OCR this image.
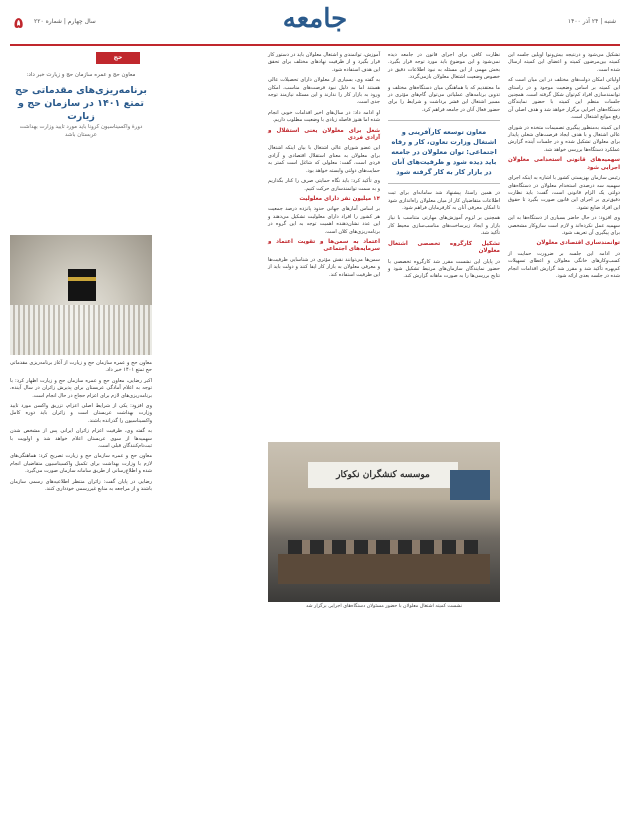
۵ سال چهارم | شماره ۲۲۰	جامعه	شنبه | ۲۴ آذر ۱۴۰۰

تشکیل می‌شود و درنتیجه بیش‌ونوا اوپلین جلسه این کمیته بین‌مرضون کمیته و اعضای این کمیته ارسال شده است.

اولیائی امکان دولت‌های مختلف در این میان است که این کمیته بر اساس وضعیت موجود و در راستای توانمندسازی افراد کم‌توان شکل گرفته است. همچنین جلسات منظم این کمیته با حضور نمایندگان دستگاه‌های اجرایی برگزار خواهد شد و هدف اصلی آن رفع موانع اشتغال است.

این کمیته به‌منظور پیگیری تصمیمات متخذه در شورای عالی اشتغال و با هدف ایجاد فرصت‌های شغلی پایدار برای معلولان تشکیل شده و در جلسات آینده گزارش عملکرد دستگاه‌ها بررسی خواهد شد.

سهمیه‌های قانونی استخدامی معلولان اجرایی شود

رئیس سازمان بهزیستی کشور با اشاره به اینکه اجرای سهمیه سه درصدی استخدام معلولان در دستگاه‌های دولتی یک الزام قانونی است، گفت: باید نظارت دقیق‌تری بر اجرای این قانون صورت بگیرد تا حقوق این افراد ضایع نشود.

وی افزود: در حال حاضر بسیاری از دستگاه‌ها به این سهمیه عمل نکرده‌اند و لازم است سازوکار مشخصی برای پیگیری آن تعریف شود.

توانمندسازی اقتصادی معلولان

در ادامه این جلسه بر ضرورت حمایت از کسب‌وکارهای خانگی معلولان و اعطای تسهیلات کم‌بهره تأکید شد و مقرر شد گزارش اقدامات انجام شده در جلسه بعدی ارائه شود.

نظارت کافی برای اجرای قانون در جامعه دیده نمی‌شود و این موضوع باید مورد توجه قرار بگیرد. بخش مهمی از این مسئله به نبود اطلاعات دقیق در خصوص وضعیت اشتغال معلولان بازمی‌گردد.

ما معتقدیم که با هماهنگی میان دستگاه‌های مختلف و تدوین برنامه‌های عملیاتی می‌توان گام‌های مؤثری در مسیر اشتغال این قشر برداشت و شرایط را برای حضور فعال آنان در جامعه فراهم کرد.

معاون توسعه کارآفرینی و اشتغال وزارت تعاون، کار و رفاه اجتماعی: توان معلولان در جامعه باید دیده شود و ظرفیت‌های آنان در بازار کار به کار گرفته شود

در همین راستا، پیشنهاد شد سامانه‌ای برای ثبت اطلاعات متقاضیان کار از میان معلولان راه‌اندازی شود تا امکان معرفی آنان به کارفرمایان فراهم شود.

همچنین بر لزوم آموزش‌های مهارتی متناسب با نیاز بازار و ایجاد زیرساخت‌های مناسب‌سازی محیط کار تأکید شد.

تشکیل کارگروه تخصصی اشتغال معلولان

در پایان این نشست مقرر شد کارگروه تخصصی با حضور نمایندگان سازمان‌های مرتبط تشکیل شود و نتایج بررسی‌ها را به صورت ماهانه گزارش کند.

آموزش، توانمندی و اشتغال معلولان باید در دستور کار قرار بگیرد و از ظرفیت نهادهای مختلف برای تحقق این هدف استفاده شود.

به گفته وی، بسیاری از معلولان دارای تحصیلات عالی هستند اما به دلیل نبود فرصت‌های مناسب، امکان ورود به بازار کار را ندارند و این مسئله نیازمند توجه جدی است.

او ادامه داد: در سال‌های اخیر اقدامات خوبی انجام شده اما هنوز فاصله زیادی با وضعیت مطلوب داریم.

شغل برای معلولان یعنی استقلال و آزادی فردی

این عضو شورای عالی اشتغال با بیان اینکه اشتغال برای معلولان به معنای استقلال اقتصادی و آزادی فردی است، گفت: معلولی که شاغل است کمتر به حمایت‌های دولتی وابسته خواهد بود.

وی تأکید کرد: باید نگاه حمایتی صرف را کنار بگذاریم و به سمت توانمندسازی حرکت کنیم.

۱۴ میلیون نفر دارای معلولیت

بر اساس آمارهای جهانی حدود پانزده درصد جمعیت هر کشور را افراد دارای معلولیت تشکیل می‌دهند و این عدد نشان‌دهنده اهمیت توجه به این گروه در برنامه‌ریزی‌های کلان است.

اعتماد به سمن‌ها و تقویت اعتماد و سرمایه‌های اجتماعی

سمن‌ها می‌توانند نقش مؤثری در شناسایی ظرفیت‌ها و معرفی معلولان به بازار کار ایفا کنند و دولت باید از این ظرفیت استفاده کند.

موسسه کنشگران نکوکار
نشست کمیته اشتغال معلولان با حضور مسئولان دستگاه‌های اجرایی برگزار شد
حج
معاون حج و عمره سازمان حج و زیارت خبر داد:
برنامه‌ریزی‌های مقدماتی حج تمتع ۱۴۰۱ در سازمان حج و زیارت
دورۀ واکسیناسیون کرونا باید مورد تایید وزارت بهداشت عربستان باشد

معاون حج و عمره سازمان حج و زیارت از آغاز برنامه‌ریزی مقدماتی حج تمتع ۱۴۰۱ خبر داد.

اکبر رضایی، معاون حج و عمره سازمان حج و زیارت اظهار کرد: با توجه به اعلام آمادگی عربستان برای پذیرش زائران در سال آینده، برنامه‌ریزی‌های لازم برای اعزام حجاج در حال انجام است.

وی افزود: یکی از شرایط اصلی اعزام، تزریق واکسن مورد تایید وزارت بهداشت عربستان است و زائران باید دوره کامل واکسیناسیون را گذرانده باشند.

به گفته وی، ظرفیت اعزام زائران ایرانی پس از مشخص شدن سهمیه‌ها از سوی عربستان اعلام خواهد شد و اولویت با ثبت‌نام‌کنندگان قبلی است.

معاون حج و عمره سازمان حج و زیارت تصریح کرد: هماهنگی‌های لازم با وزارت بهداشت برای تکمیل واکسیناسیون متقاضیان انجام شده و اطلاع‌رسانی از طریق سامانه سازمان صورت می‌گیرد.

رضایی در پایان گفت: زائران منتظر اطلاعیه‌های رسمی سازمان باشند و از مراجعه به منابع غیررسمی خودداری کنند.
